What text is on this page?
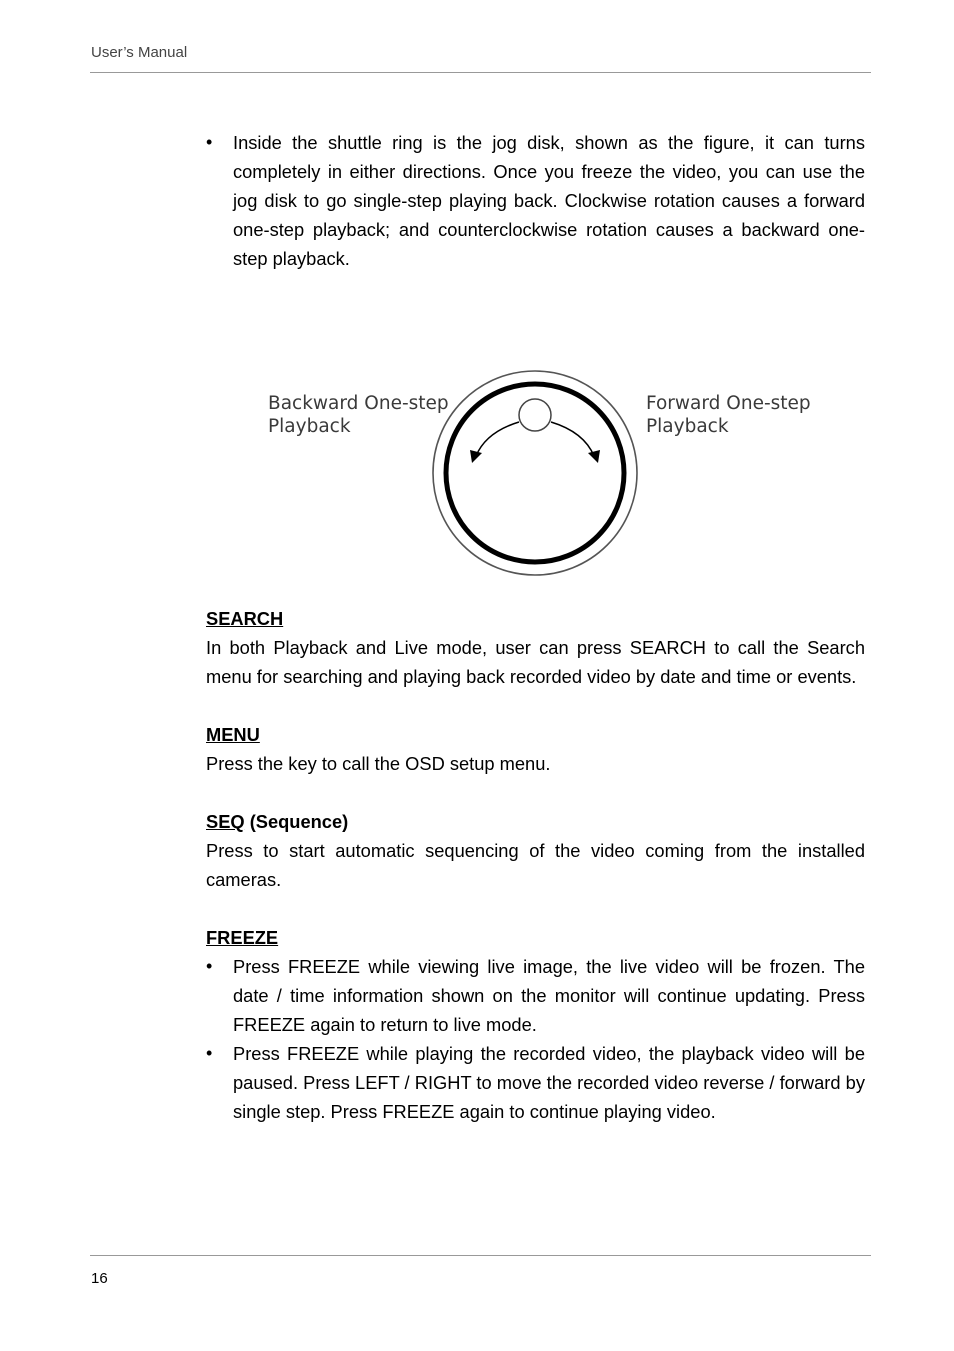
User’s Manual
• Inside the shuttle ring is the jog disk, shown as the figure, it can turns completely in either directions. Once you freeze the video, you can use the jog disk to go single-step playing back. Clockwise rotation causes a forward one-step playback; and counterclockwise rotation causes a backward one-step playback.
Backward One-step
Playback
Forward One-step
Playback
SEARCH

In both Playback and Live mode, user can press SEARCH to call the Search menu for searching and playing back recorded video by date and time or events.

MENU

Press the key to call the OSD setup menu.

SEQ (Sequence)

Press to start automatic sequencing of the video coming from the installed cameras.

FREEZE
• Press FREEZE while viewing live image, the live video will be frozen. The date / time information shown on the monitor will continue updating. Press FREEZE again to return to live mode.
• Press FREEZE while playing the recorded video, the playback video will be paused. Press LEFT / RIGHT to move the recorded video reverse / forward by single step. Press FREEZE again to continue playing video.
16
